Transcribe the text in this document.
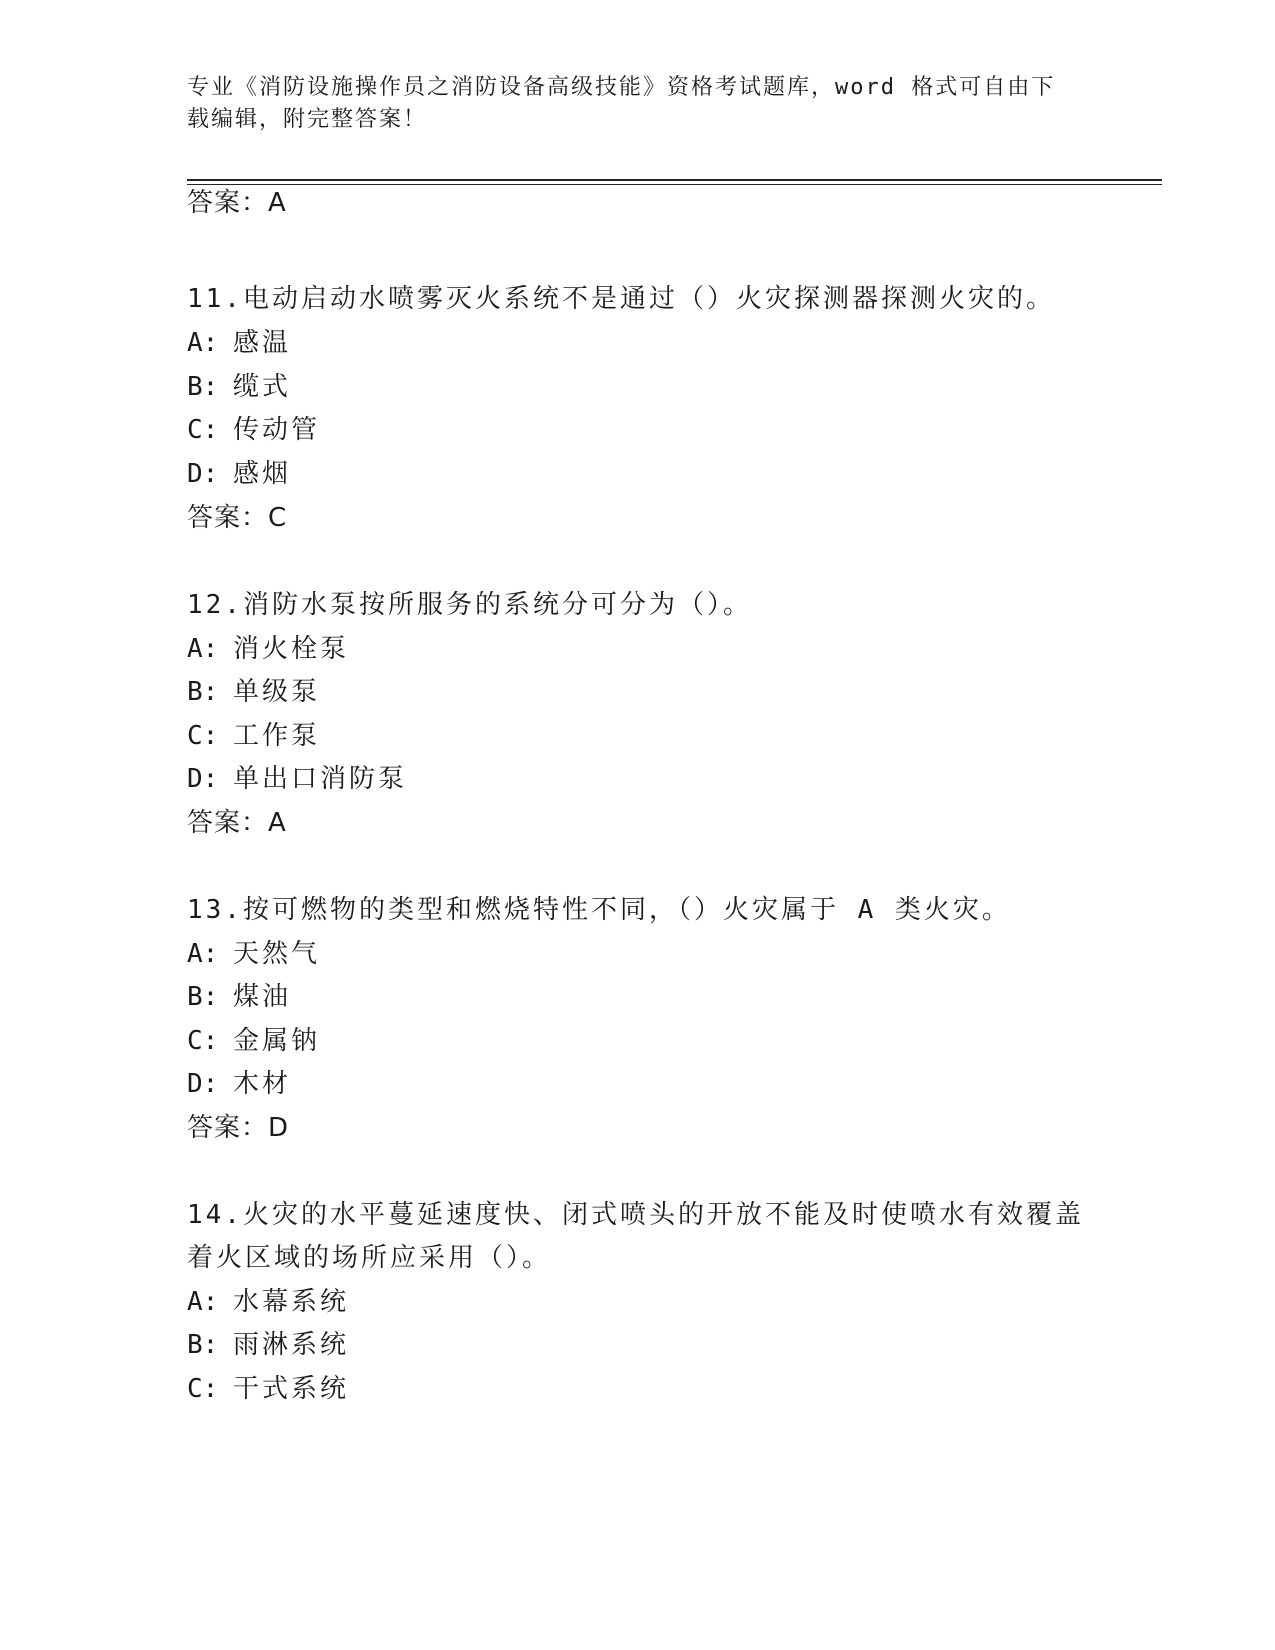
专业《消防设施操作员之消防设备高级技能》资格考试题库，word 格式可自由下
载编辑，附完整答案！
答案：A
11.电动启动水喷雾灭火系统不是通过（）火灾探测器探测火灾的。
A: 感温
B: 缆式
C: 传动管
D: 感烟
答案：C
12.消防水泵按所服务的系统分可分为（）。
A: 消火栓泵
B: 单级泵
C: 工作泵
D: 单出口消防泵
答案：A
13.按可燃物的类型和燃烧特性不同，（）火灾属于 A 类火灾。
A: 天然气
B: 煤油
C: 金属钠
D: 木材
答案：D
14.火灾的水平蔓延速度快、闭式喷头的开放不能及时使喷水有效覆盖
着火区域的场所应采用（）。
A: 水幕系统
B: 雨淋系统
C: 干式系统
